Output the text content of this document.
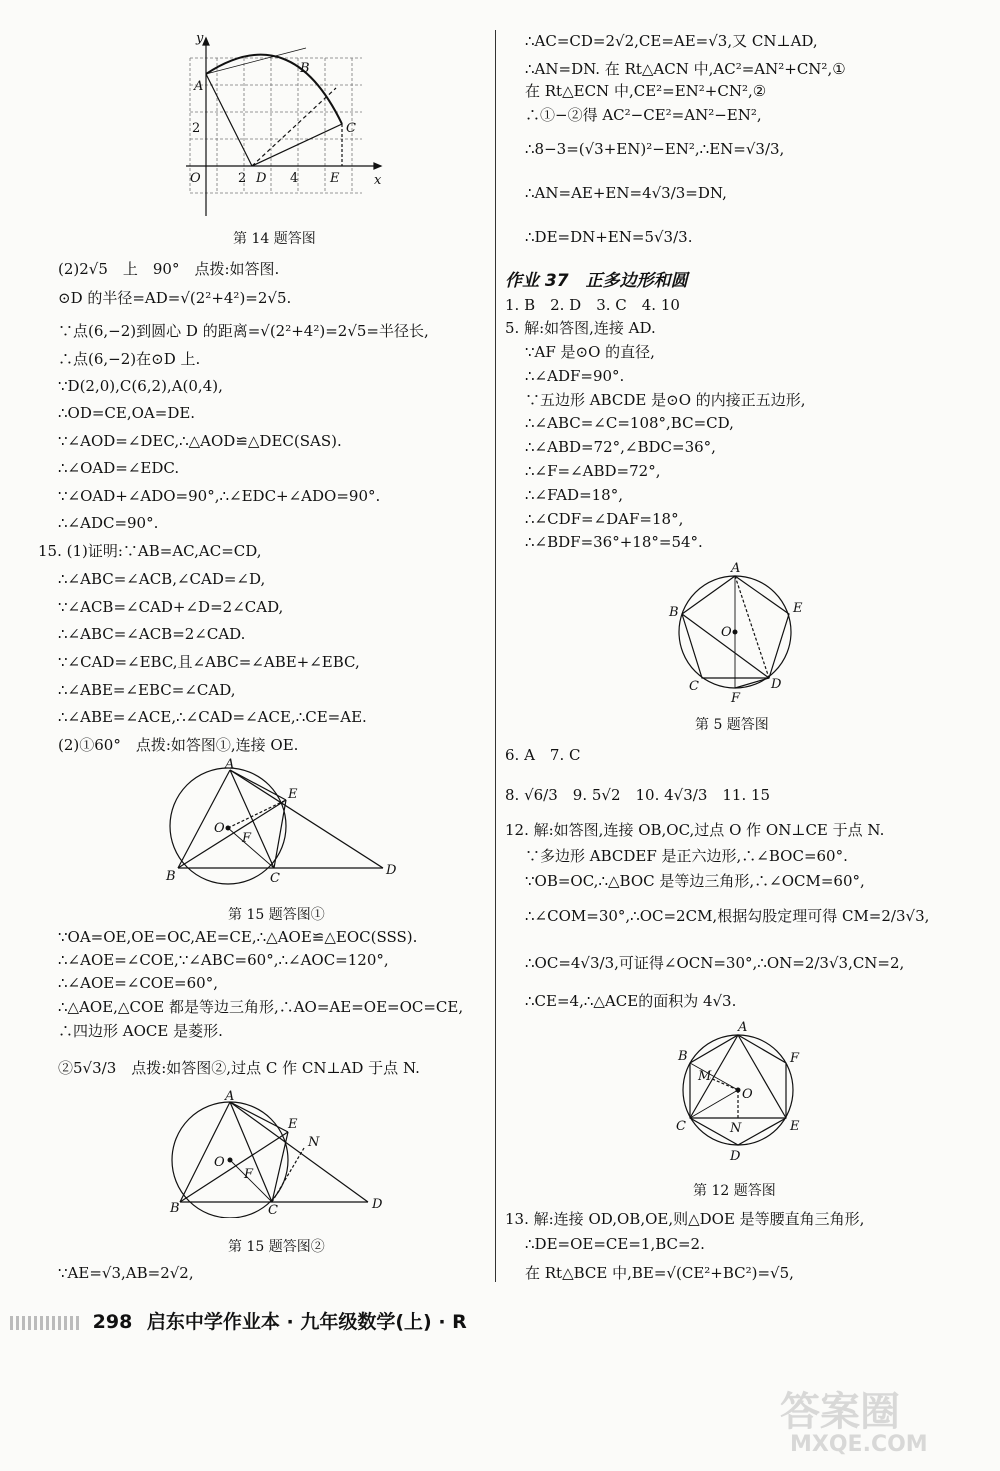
y
x
A
B
C
D	E
O	2
2
4
第 14 题答图
(2)2√5　上　90°　点拨:如答图.
⊙D 的半径=AD=√(2²+4²)=2√5.
∵点(6,−2)到圆心 D 的距离=√(2²+4²)=2√5=半径长,
∴点(6,−2)在⊙D 上.
∵D(2,0),C(6,2),A(0,4),
∴OD=CE,OA=DE.
∵∠AOD=∠DEC,∴△AOD≌△DEC(SAS).
∴∠OAD=∠EDC.
∵∠OAD+∠ADO=90°,∴∠EDC+∠ADO=90°.
∴∠ADC=90°.
15. (1)证明:∵AB=AC,AC=CD,
∴∠ABC=∠ACB,∠CAD=∠D,
∵∠ACB=∠CAD+∠D=2∠CAD,
∴∠ABC=∠ACB=2∠CAD.
∵∠CAD=∠EBC,且∠ABC=∠ABE+∠EBC,
∴∠ABE=∠EBC=∠CAD,
∴∠ABE=∠ACE,∴∠CAD=∠ACE,∴CE=AE.
(2)①60°　点拨:如答图①,连接 OE.
A
B	C
D
E
F
O
第 15 题答图①
∵OA=OE,OE=OC,AE=CE,∴△AOE≌△EOC(SSS).
∴∠AOE=∠COE,∵∠ABC=60°,∴∠AOC=120°,
∴∠AOE=∠COE=60°,
∴△AOE,△COE 都是等边三角形,∴AO=AE=OE=OC=CE,
∴四边形 AOCE 是菱形.
②5√3/3　点拨:如答图②,过点 C 作 CN⊥AD 于点 N.
A
B	C	D
E
F
O
N
第 15 题答图②
∵AE=√3,AB=2√2,
∴AC=CD=2√2,CE=AE=√3,又 CN⊥AD,
∴AN=DN. 在 Rt△ACN 中,AC²=AN²+CN²,①
在 Rt△ECN 中,CE²=EN²+CN²,②
∴①−②得 AC²−CE²=AN²−EN²,
∴8−3=(√3+EN)²−EN²,∴EN=√3/3,
∴AN=AE+EN=4√3/3=DN,
∴DE=DN+EN=5√3/3.
作业 37　正多边形和圆
1. B　2. D　3. C　4. 10
5. 解:如答图,连接 AD.
∵AF 是⊙O 的直径,
∴∠ADF=90°.
∵五边形 ABCDE 是⊙O 的内接正五边形,
∴∠ABC=∠C=108°,BC=CD,
∴∠ABD=72°,∠BDC=36°,
∴∠F=∠ABD=72°,
∴∠FAD=18°,
∴∠CDF=∠DAF=18°,
∴∠BDF=36°+18°=54°.
A
B
C	D
E
F
O
第 5 题答图
6. A　7. C
8. √6/3　9. 5√2　10. 4√3/3　11. 15
12. 解:如答图,连接 OB,OC,过点 O 作 ON⊥CE 于点 N.
∵多边形 ABCDEF 是正六边形,∴∠BOC=60°.
∵OB=OC,∴△BOC 是等边三角形,∴∠OCM=60°,
∴∠COM=30°,∴OC=2CM,根据勾股定理可得 CM=2/3√3,
∴OC=4√3/3,可证得∠OCN=30°,∴ON=2/3√3,CN=2,
∴CE=4,∴△ACE的面积为 4√3.
A
B
C
D
E
F
O
M
N
第 12 题答图
13. 解:连接 OD,OB,OE,则△DOE 是等腰直角三角形,
∴DE=OE=CE=1,BC=2.
在 Rt△BCE 中,BE=√(CE²+BC²)=√5,
298 启东中学作业本 · 九年级数学(上) · R
答案圈
MXQE.COM
